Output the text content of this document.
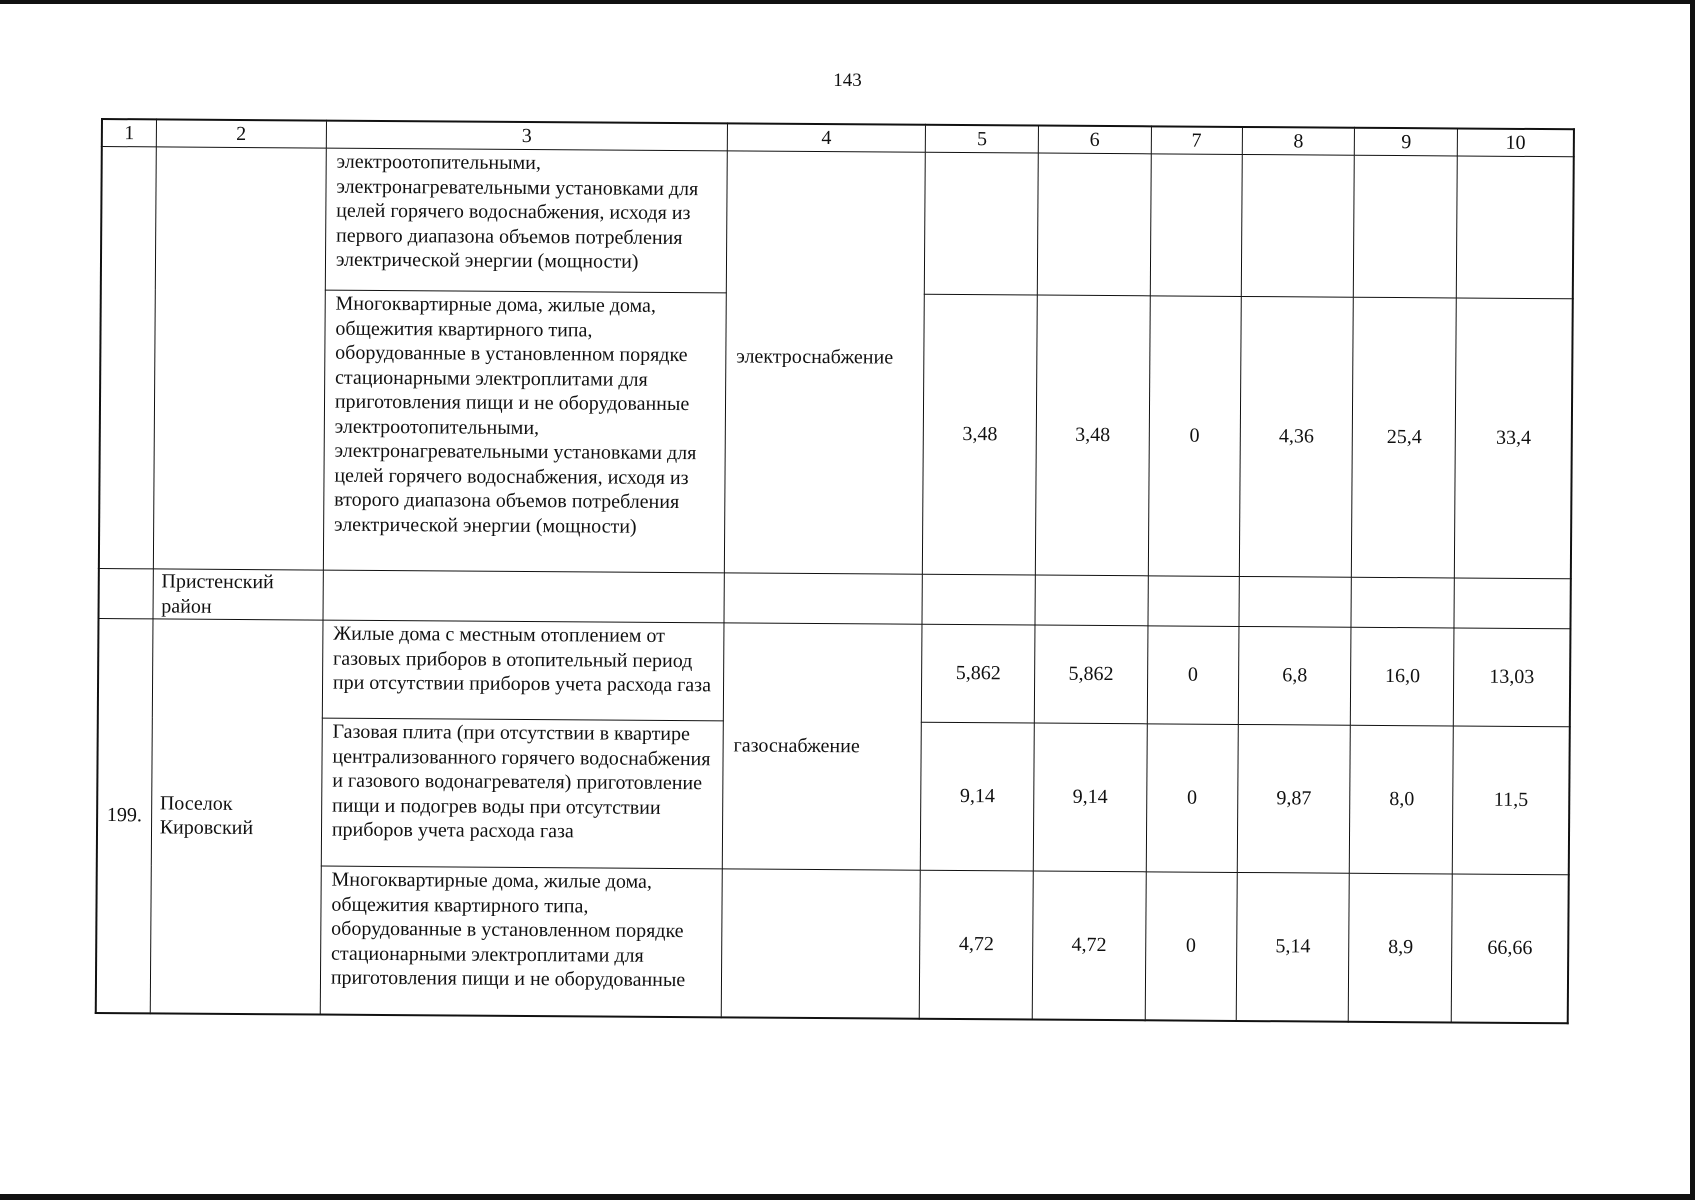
143
1	2	3	4	5	6	7	8	9	10
		электроотопительными, электронагревательными установками для целей горячего водоснабжения, исходя из первого диапазона объемов потребления электрической энергии (мощности)	электроснабжение						

		Многоквартирные дома, жилые дома, общежития квартирного типа, оборудованные в установленном порядке стационарными электроплитами для приготовления пищи и не оборудованные электроотопительными, электронагревательными установками для целей горячего водоснабжения, исходя из второго диапазона объемов потребления электрической энергии (мощности)		3,48	3,48	0	4,36	25,4	33,4
	Пристенский район								
199.	Поселок Кировский	Жилые дома с местным отоплением от газовых приборов в отопительный период при отсутствии приборов учета расхода газа	газоснабжение	5,862	5,862	0	6,8	16,0	13,03
		Газовая плита (при отсутствии в квартире централизованного горячего водоснабжения и газового водонагревателя) приготовление пищи и подогрев воды при отсутствии приборов учета расхода газа		9,14	9,14	0	9,87	8,0	11,5
		Многоквартирные дома, жилые дома, общежития квартирного типа, оборудованные в установленном порядке стационарными электроплитами для приготовления пищи и не оборудованные		4,72	4,72	0	5,14	8,9	66,66
